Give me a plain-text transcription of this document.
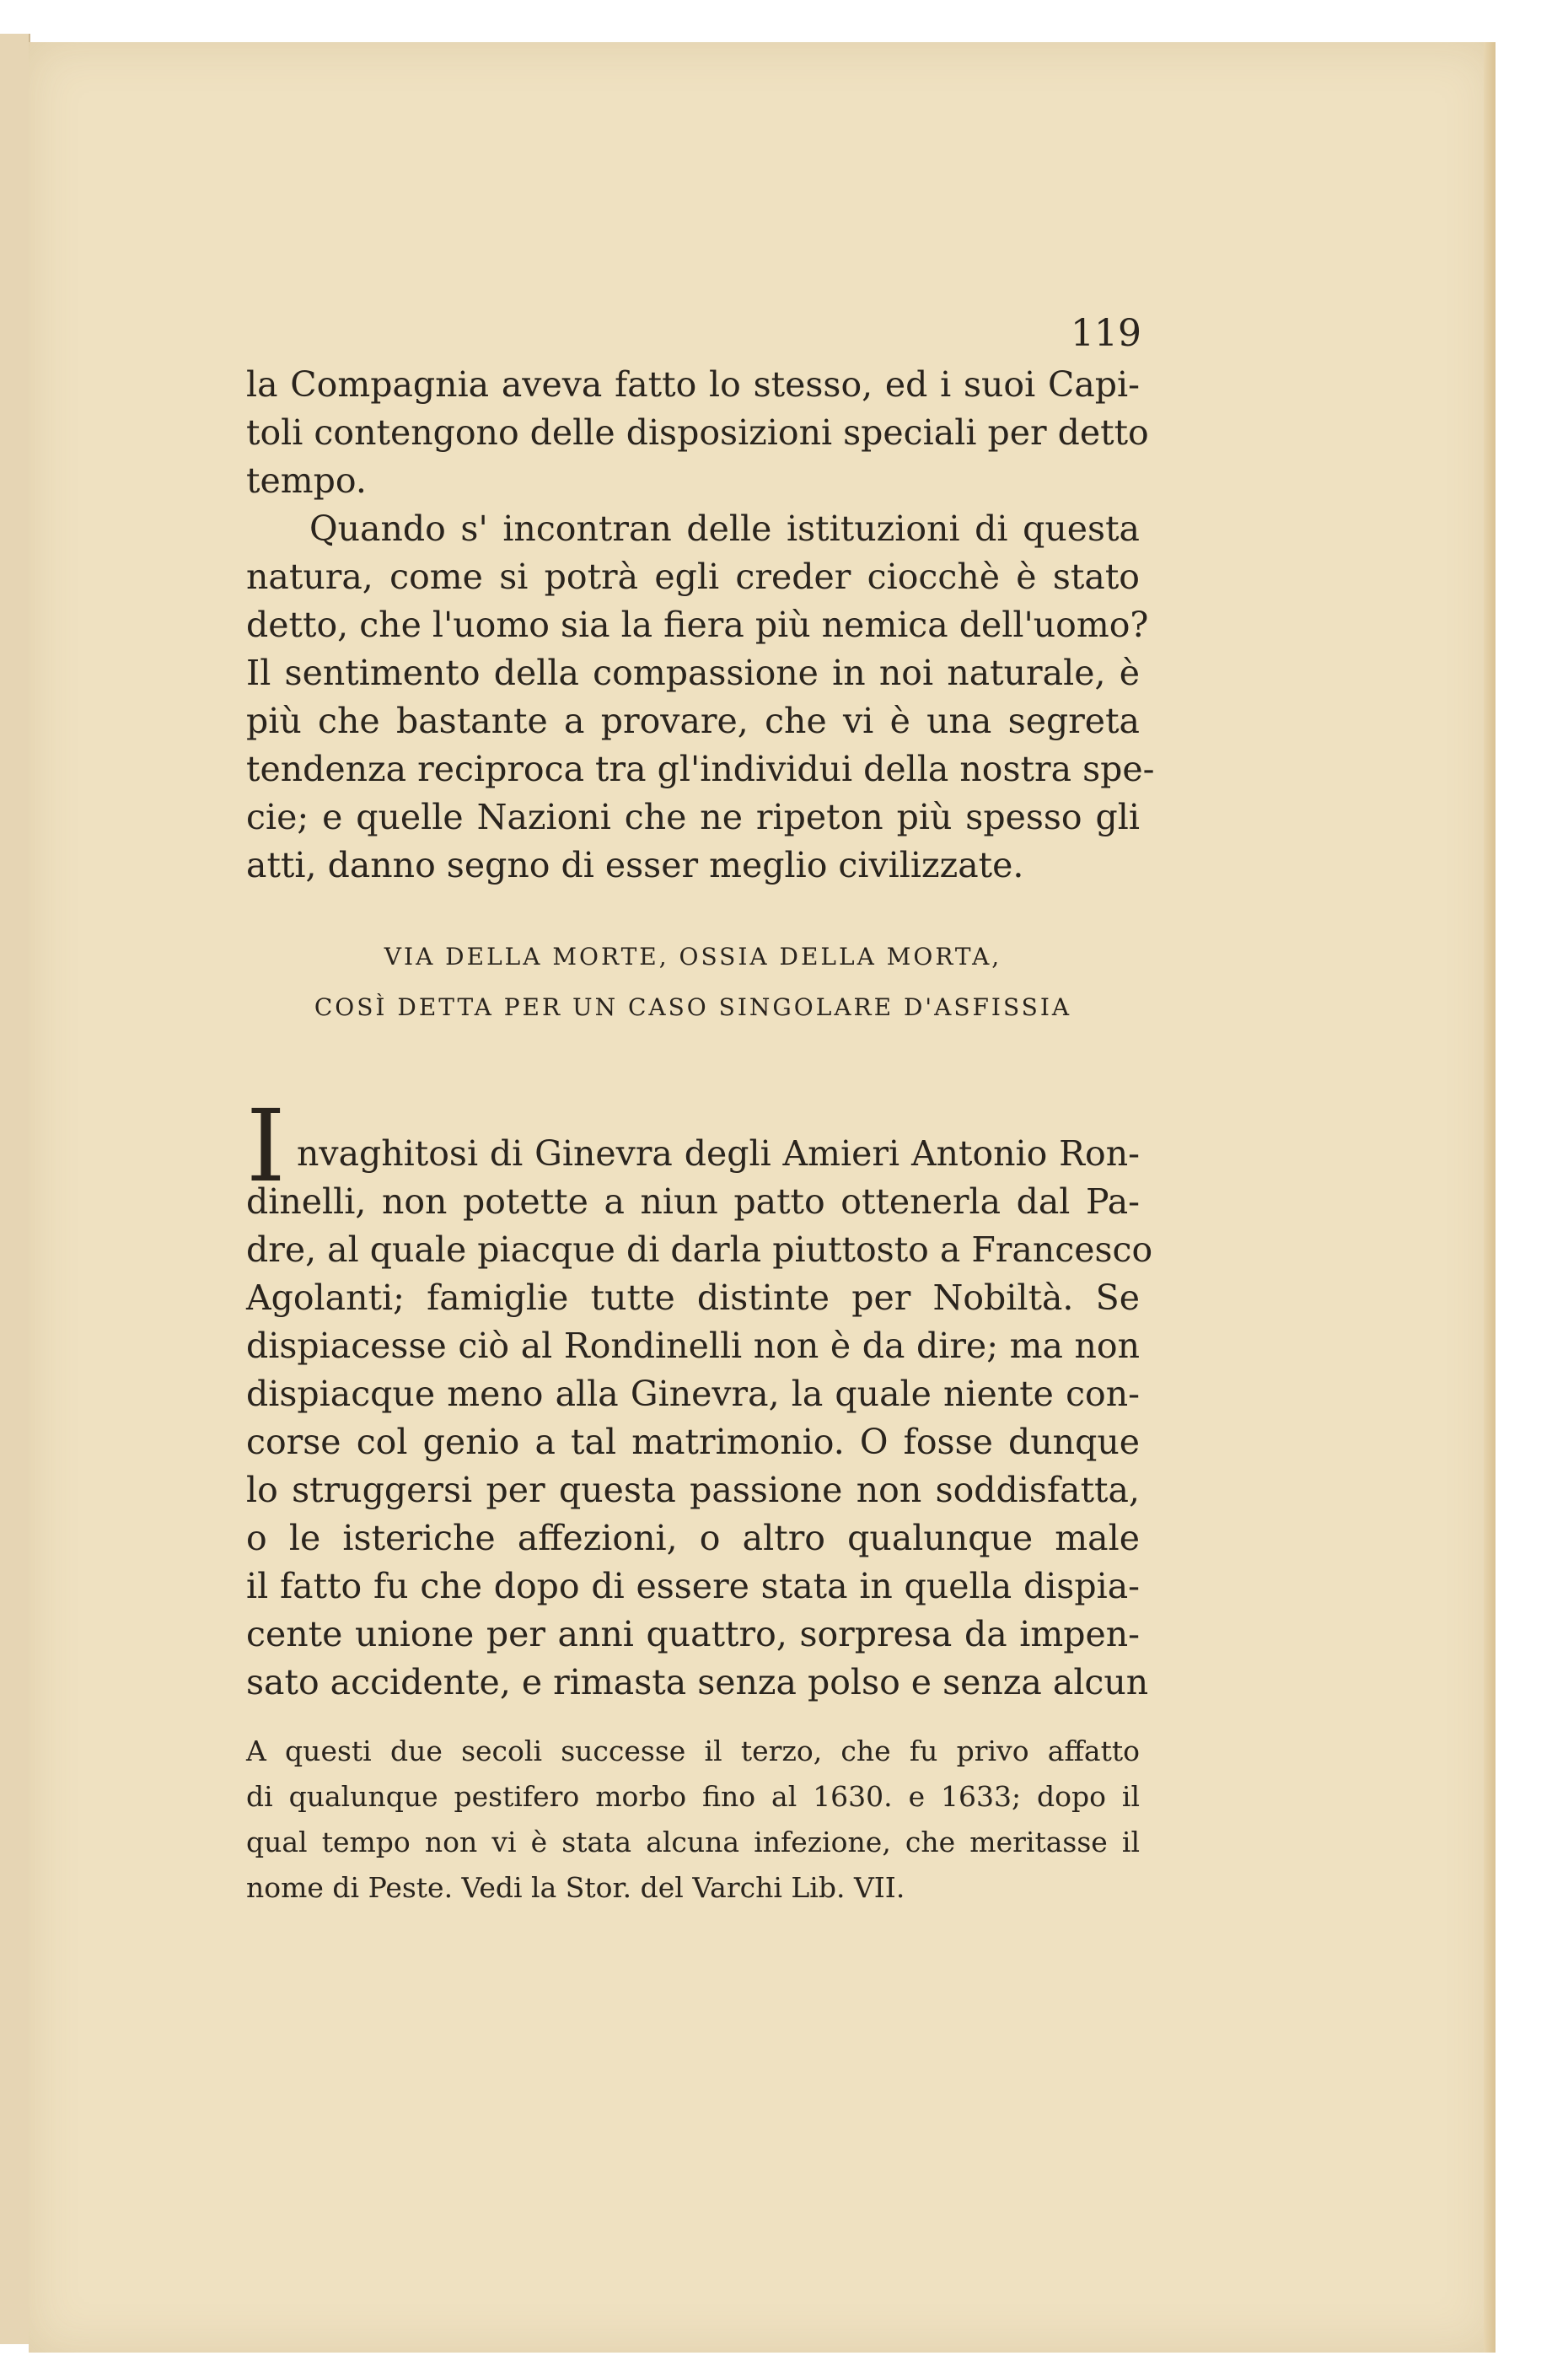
119
la Compagnia aveva fatto lo stesso, ed i suoi Capi-
toli contengono delle disposizioni speciali per detto
tempo.
Quando s' incontran delle istituzioni di questa
natura, come si potrà egli creder ciocchè è stato
detto, che l'uomo sia la fiera più nemica dell'uomo?
Il sentimento della compassione in noi naturale, è
più che bastante a provare, che vi è una segreta
tendenza reciproca tra gl'individui della nostra spe-
cie; e quelle Nazioni che ne ripeton più spesso gli
atti, danno segno di esser meglio civilizzate.
VIA DELLA MORTE, OSSIA DELLA MORTA,
COSÌ DETTA PER UN CASO SINGOLARE D'ASFISSIA
I nvaghitosi di Ginevra degli Amieri Antonio Ron-
dinelli, non potette a niun patto ottenerla dal Pa-
dre, al quale piacque di darla piuttosto a Francesco
Agolanti; famiglie tutte distinte per Nobiltà. Se
dispiacesse ciò al Rondinelli non è da dire; ma non
dispiacque meno alla Ginevra, la quale niente con-
corse col genio a tal matrimonio. O fosse dunque
lo struggersi per questa passione non soddisfatta,
o le isteriche affezioni, o altro qualunque male
il fatto fu che dopo di essere stata in quella dispia-
cente unione per anni quattro, sorpresa da impen-
sato accidente, e rimasta senza polso e senza alcun
A questi due secoli successe il terzo, che fu privo affatto
di qualunque pestifero morbo fino al 1630. e 1633; dopo il
qual tempo non vi è stata alcuna infezione, che meritasse il
nome di Peste. Vedi la Stor. del Varchi Lib. VII.
